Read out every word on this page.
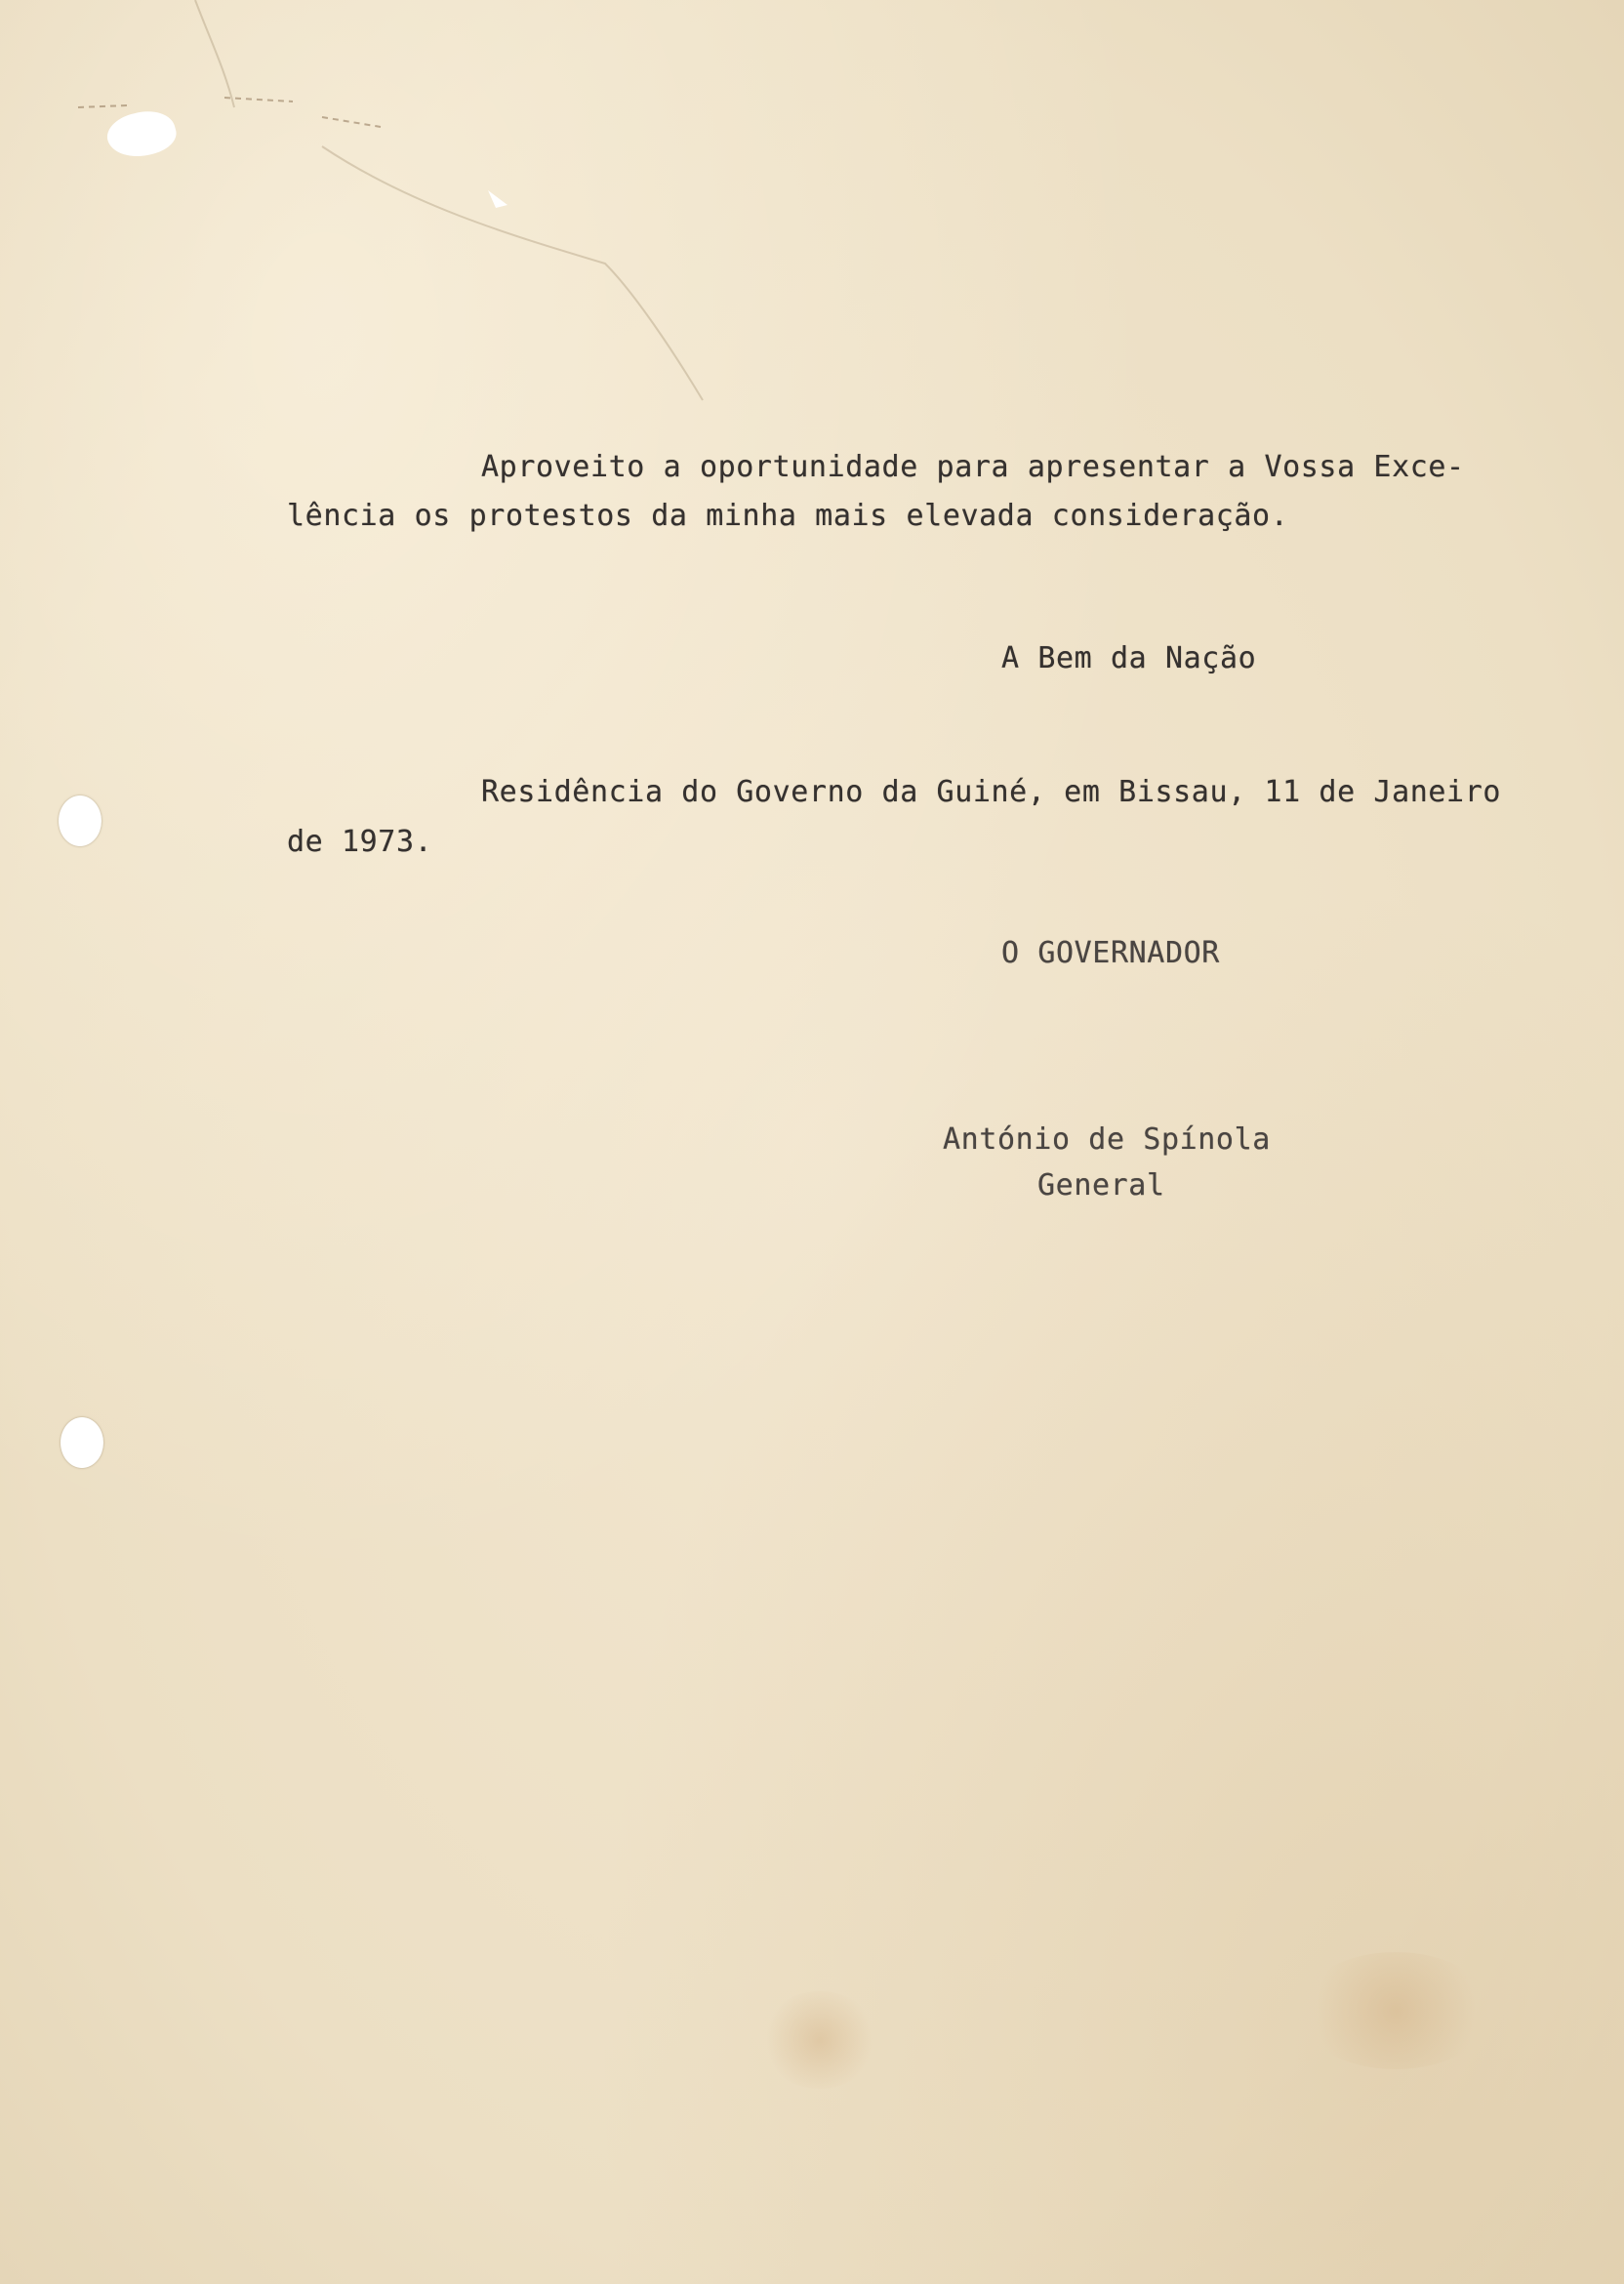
Aproveito a oportunidade para apresentar a Vossa Exce-

lência os protestos da minha mais elevada consideração.

A Bem da Nação

Residência do Governo da Guiné, em Bissau, 11 de Janeiro

de 1973.

O GOVERNADOR

António de Spínola

General
